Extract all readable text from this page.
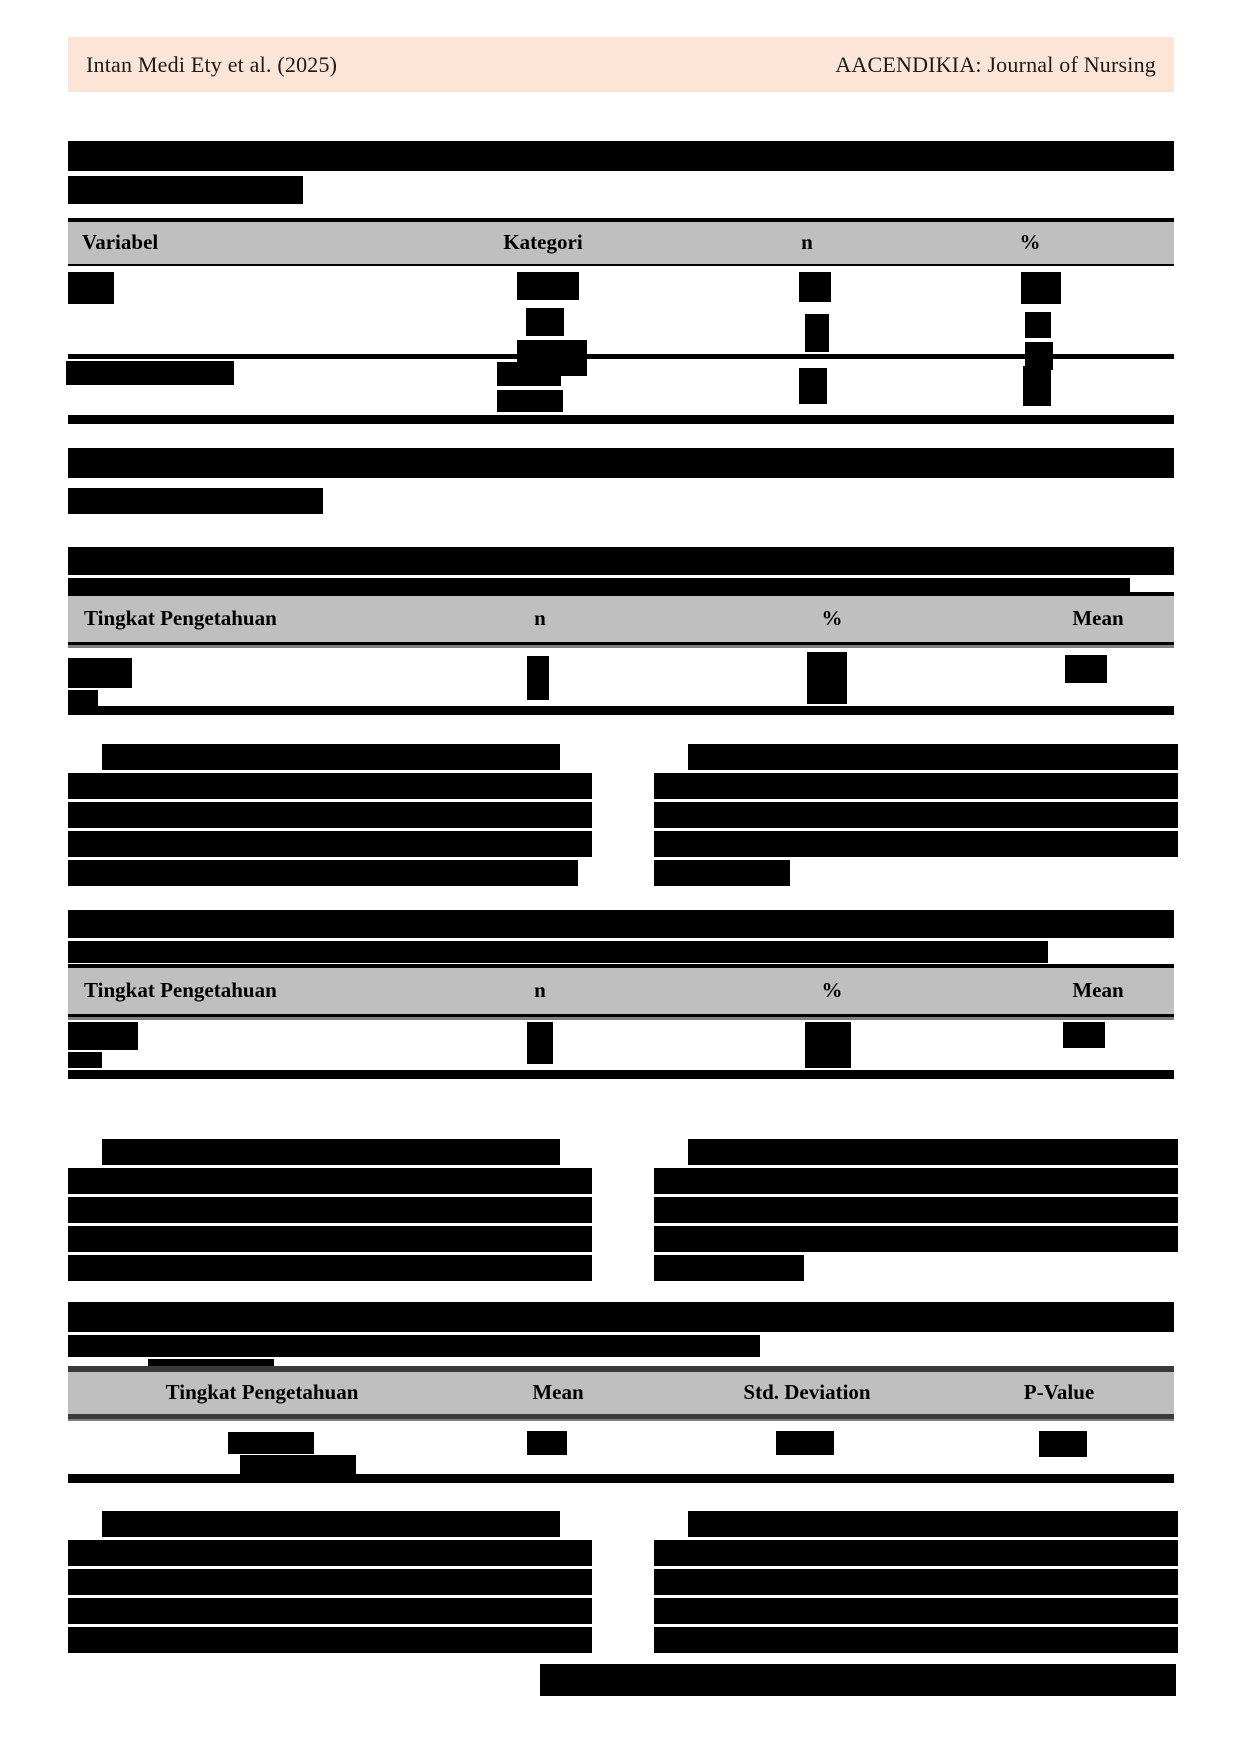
Intan Medi Ety et al. (2025)	AACENDIKIA: Journal of Nursing
Variabel	Kategori	n	%
Tingkat Pengetahuan	n	%	Mean
Tingkat Pengetahuan	n	%	Mean
Tingkat Pengetahuan	Mean	Std. Deviation	P-Value
